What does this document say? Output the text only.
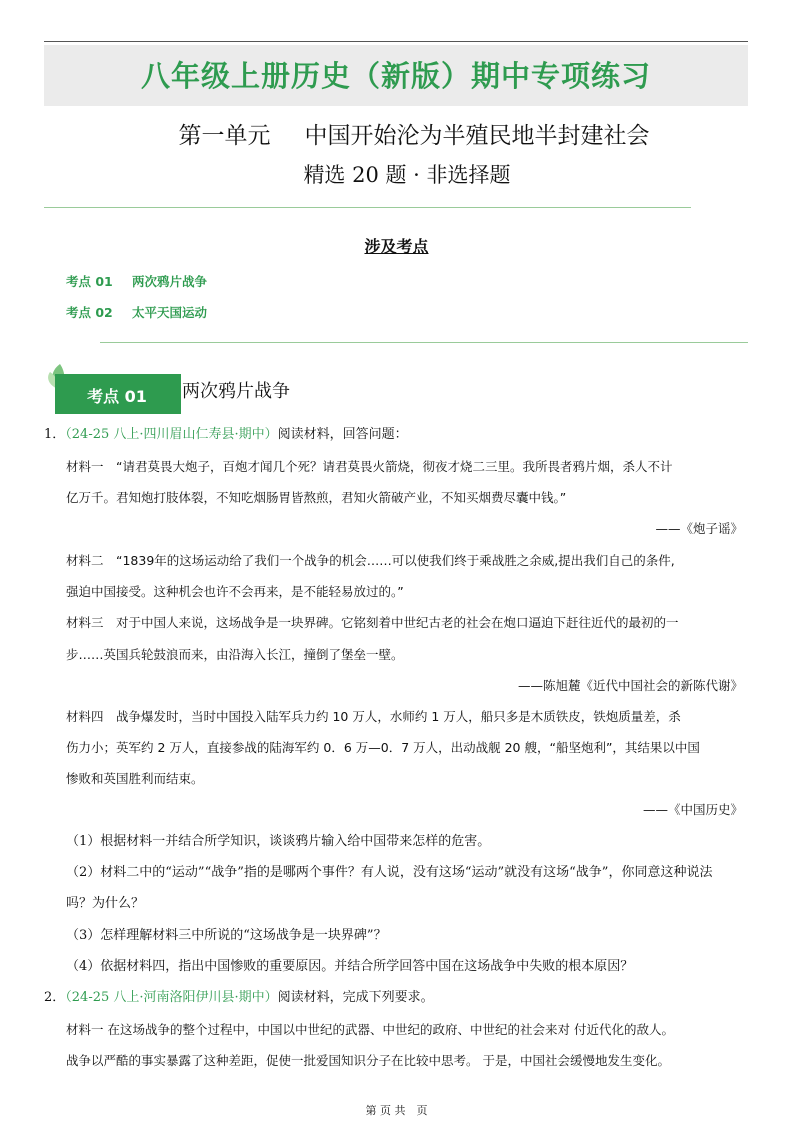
八年级上册历史（新版）期中专项练习
第一单元 中国开始沦为半殖民地半封建社会
精选 20 题 · 非选择题
涉及考点
考点 01 两次鸦片战争
考点 02 太平天国运动
考点 01	两次鸦片战争
1．（24-25 八上·四川眉山仁寿县·期中）阅读材料，回答问题：
材料一　“请君莫畏大炮子，百炮才闻几个死？请君莫畏火箭烧，彻夜才烧二三里。我所畏者鸦片烟，杀人不计
亿万千。君知炮打肢体裂，不知吃烟肠胃皆熬煎，君知火箭破产业，不知买烟费尽囊中钱。”
——《炮子谣》
材料二　“1839年的这场运动给了我们一个战争的机会……可以使我们终于乘战胜之余威,提出我们自己的条件,
强迫中国接受。这种机会也许不会再来，是不能轻易放过的。”
材料三　对于中国人来说，这场战争是一块界碑。它铭刻着中世纪古老的社会在炮口逼迫下赶往近代的最初的一
步……英国兵轮鼓浪而来，由沿海入长江，撞倒了堡垒一壁。
——陈旭麓《近代中国社会的新陈代谢》
材料四　战争爆发时，当时中国投入陆军兵力约 10 万人，水师约 1 万人，船只多是木质铁皮，铁炮质量差，杀
伤力小；英军约 2 万人，直接参战的陆海军约 0．6 万—0．7 万人，出动战舰 20 艘，“船坚炮利”，其结果以中国
惨败和英国胜利而结束。
——《中国历史》
（1）根据材料一并结合所学知识，谈谈鸦片输入给中国带来怎样的危害。
（2）材料二中的“运动”“战争”指的是哪两个事件？有人说，没有这场“运动”就没有这场“战争”，你同意这种说法
吗？为什么？
（3）怎样理解材料三中所说的“这场战争是一块界碑”？
（4）依据材料四，指出中国惨败的重要原因。并结合所学回答中国在这场战争中失败的根本原因？
2．（24-25 八上·河南洛阳伊川县·期中）阅读材料，完成下列要求。
材料一 在这场战争的整个过程中，中国以中世纪的武器、中世纪的政府、中世纪的社会来对 付近代化的敌人。
战争以严酷的事实暴露了这种差距，促使一批爱国知识分子在比较中思考。 于是，中国社会缓慢地发生变化。
第 页 共　页
